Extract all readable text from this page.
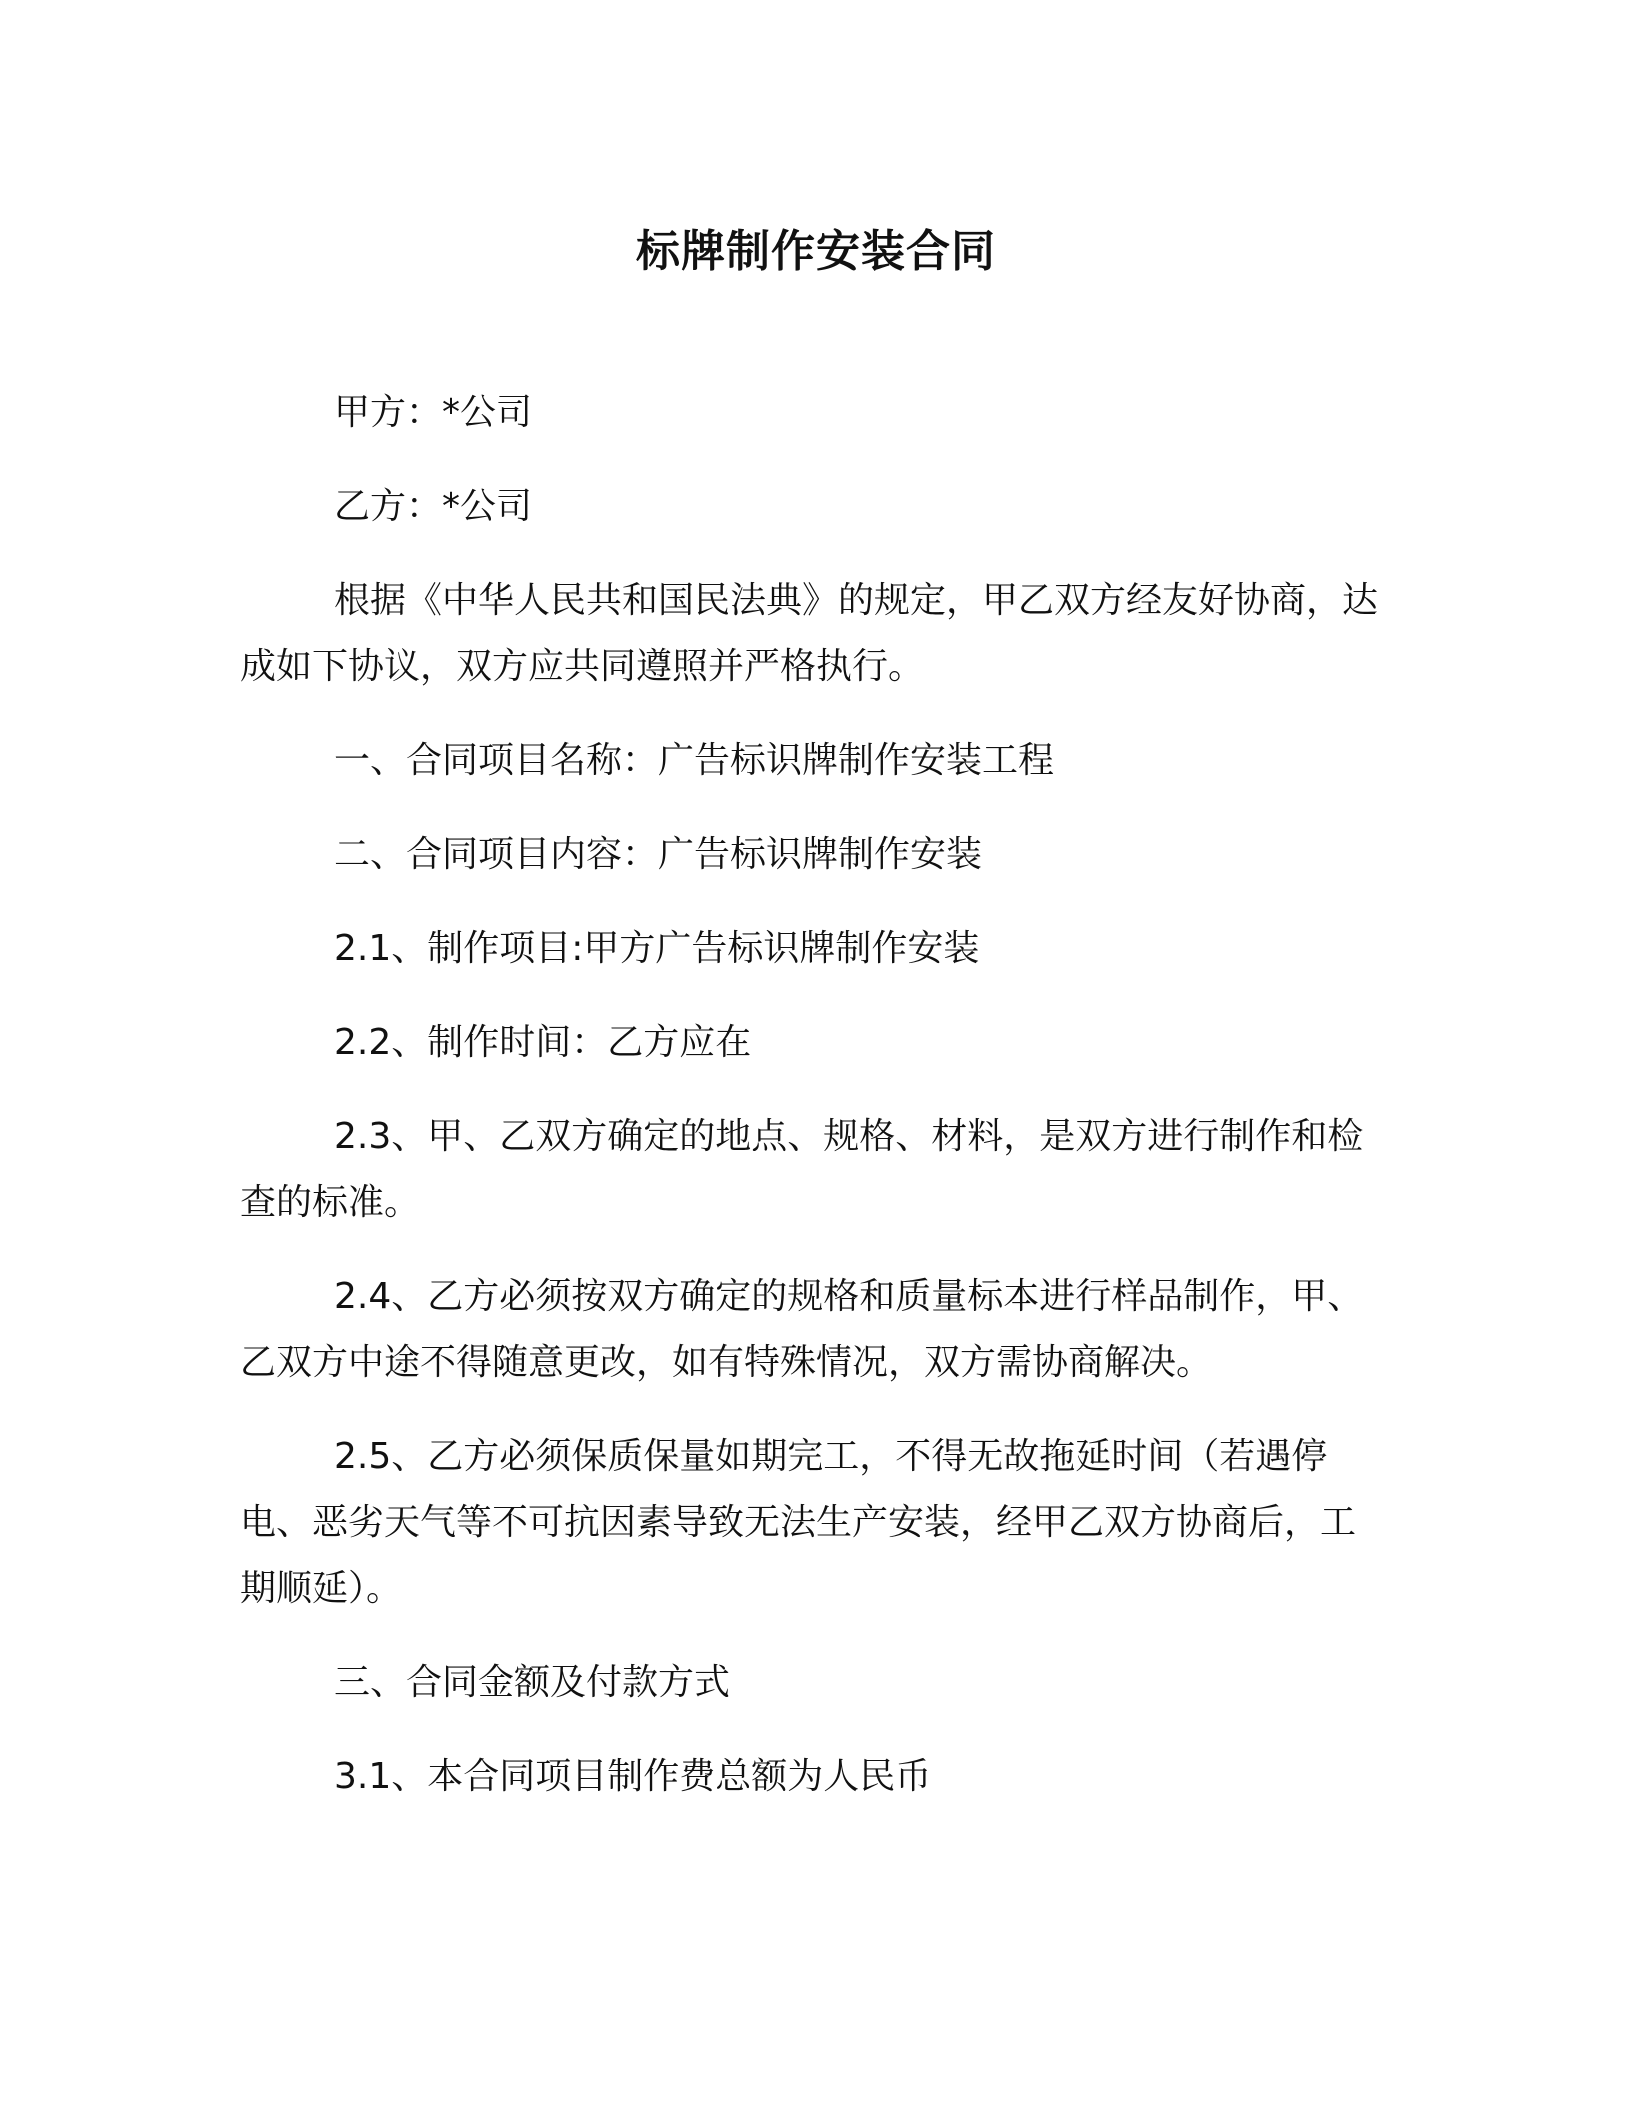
标牌制作安装合同

甲方：*公司

乙方：*公司

根据《中华人民共和国民法典》的规定，甲乙双方经友好协商，达成如下协议，双方应共同遵照并严格执行。

一、合同项目名称：广告标识牌制作安装工程

二、合同项目内容：广告标识牌制作安装

2.1、制作项目:甲方广告标识牌制作安装

2.2、制作时间：乙方应在

2.3、甲、乙双方确定的地点、规格、材料，是双方进行制作和检查的标准。

2.4、乙方必须按双方确定的规格和质量标本进行样品制作，甲、乙双方中途不得随意更改，如有特殊情况，双方需协商解决。

2.5、乙方必须保质保量如期完工，不得无故拖延时间（若遇停电、恶劣天气等不可抗因素导致无法生产安装，经甲乙双方协商后，工期顺延）。

三、合同金额及付款方式

3.1、本合同项目制作费总额为人民币
